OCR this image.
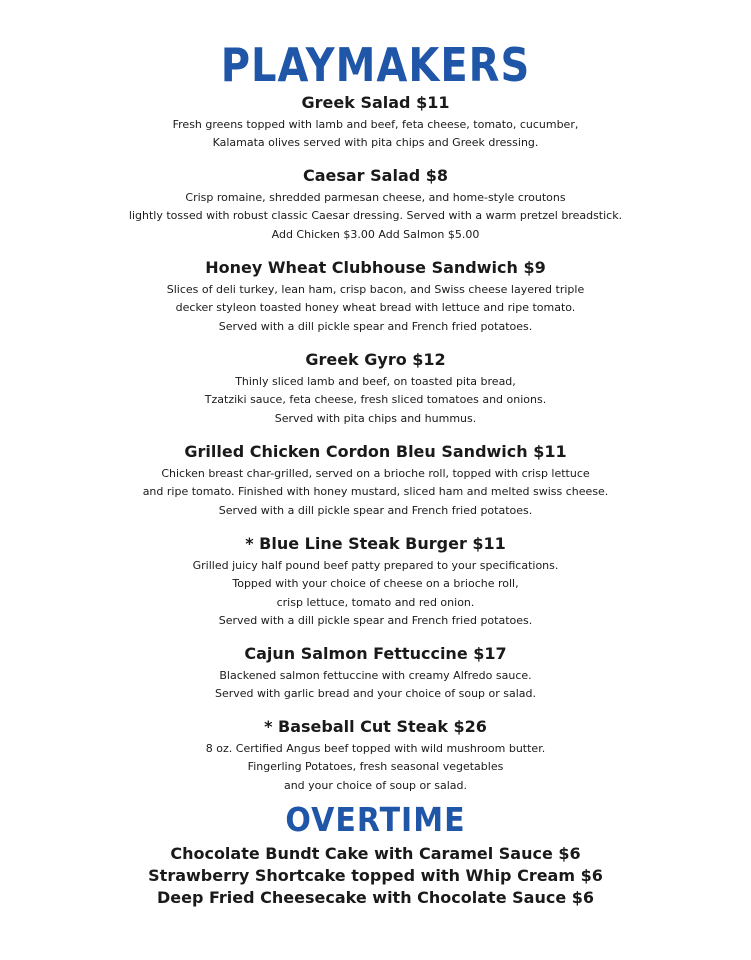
PLAYMAKERS
Greek Salad $11

Fresh greens topped with lamb and beef, feta cheese, tomato, cucumber,

Kalamata olives served with pita chips and Greek dressing.

Caesar Salad $8

Crisp romaine, shredded parmesan cheese, and home-style croutons

lightly tossed with robust classic Caesar dressing. Served with a warm pretzel breadstick.

Add Chicken $3.00 Add Salmon $5.00

Honey Wheat Clubhouse Sandwich $9

Slices of deli turkey, lean ham, crisp bacon, and Swiss cheese layered triple

decker styleon toasted honey wheat bread with lettuce and ripe tomato.

Served with a dill pickle spear and French fried potatoes.

Greek Gyro $12

Thinly sliced lamb and beef, on toasted pita bread,

Tzatziki sauce, feta cheese, fresh sliced tomatoes and onions.

Served with pita chips and hummus.

Grilled Chicken Cordon Bleu Sandwich $11

Chicken breast char-grilled, served on a brioche roll, topped with crisp lettuce

and ripe tomato. Finished with honey mustard, sliced ham and melted swiss cheese.

Served with a dill pickle spear and French fried potatoes.

* Blue Line Steak Burger $11

Grilled juicy half pound beef patty prepared to your specifications.

Topped with your choice of cheese on a brioche roll,

crisp lettuce, tomato and red onion.

Served with a dill pickle spear and French fried potatoes.

Cajun Salmon Fettuccine $17

Blackened salmon fettuccine with creamy Alfredo sauce.

Served with garlic bread and your choice of soup or salad.

* Baseball Cut Steak $26

8 oz. Certified Angus beef topped with wild mushroom butter.

Fingerling Potatoes, fresh seasonal vegetables

and your choice of soup or salad.

OVERTIME
Chocolate Bundt Cake with Caramel Sauce $6
Strawberry Shortcake topped with Whip Cream $6
Deep Fried Cheesecake with Chocolate Sauce $6
